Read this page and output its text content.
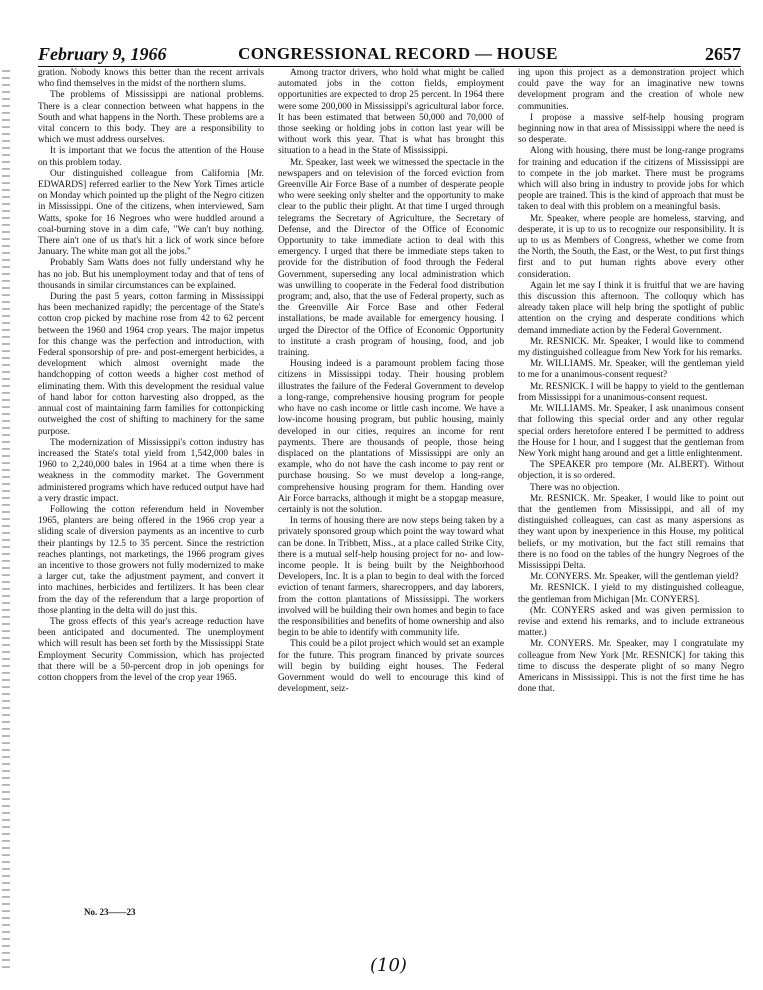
February 9, 1966	CONGRESSIONAL RECORD — HOUSE	2657

gration. Nobody knows this better than the recent arrivals who find themselves in the midst of the northern slums.

The problems of Mississippi are national problems. There is a clear connection between what happens in the South and what happens in the North. These problems are a vital concern to this body. They are a responsibility to which we must address ourselves.

It is important that we focus the attention of the House on this problem today.

Our distinguished colleague from California [Mr. EDWARDS] referred earlier to the New York Times article on Monday which pointed up the plight of the Negro citizen in Mississippi. One of the citizens, when interviewed, Sam Watts, spoke for 16 Negroes who were huddled around a coal-burning stove in a dim cafe, "We can't buy nothing. There ain't one of us that's hit a lick of work since before January. The white man got all the jobs."

Probably Sam Watts does not fully understand why he has no job. But his unemployment today and that of tens of thousands in similar circumstances can be explained.

During the past 5 years, cotton farming in Mississippi has been mechanized rapidly; the percentage of the State's cotton crop picked by machine rose from 42 to 62 percent between the 1960 and 1964 crop years. The major impetus for this change was the perfection and introduction, with Federal sponsorship of pre- and post-emergent herbicides, a development which almost overnight made the handchopping of cotton weeds a higher cost method of eliminating them. With this development the residual value of hand labor for cotton harvesting also dropped, as the annual cost of maintaining farm families for cottonpicking outweighed the cost of shifting to machinery for the same purpose.

The modernization of Mississippi's cotton industry has increased the State's total yield from 1,542,000 bales in 1960 to 2,240,000 bales in 1964 at a time when there is weakness in the commodity market. The Government administered programs which have reduced output have had a very drastic impact.

Following the cotton referendum held in November 1965, planters are being offered in the 1966 crop year a sliding scale of diversion payments as an incentive to curb their plantings by 12.5 to 35 percent. Since the restriction reaches plantings, not marketings, the 1966 program gives an incentive to those growers not fully modernized to make a larger cut, take the adjustment payment, and convert it into machines, herbicides and fertilizers. It has been clear from the day of the referendum that a large proportion of those planting in the delta will do just this.

The gross effects of this year's acreage reduction have been anticipated and documented. The unemployment which will result has been set forth by the Mississippi State Employment Security Commission, which has projected that there will be a 50-percent drop in job openings for cotton choppers from the level of the crop year 1965.

Among tractor drivers, who hold what might be called automated jobs in the cotton fields, employment opportunities are expected to drop 25 percent. In 1964 there were some 200,000 in Mississippi's agricultural labor force. It has been estimated that between 50,000 and 70,000 of those seeking or holding jobs in cotton last year will be without work this year. That is what has brought this situation to a head in the State of Mississippi.

Mr. Speaker, last week we witnessed the spectacle in the newspapers and on television of the forced eviction from Greenville Air Force Base of a number of desperate people who were seeking only shelter and the opportunity to make clear to the public their plight. At that time I urged through telegrams the Secretary of Agriculture, the Secretary of Defense, and the Director of the Office of Economic Opportunity to take immediate action to deal with this emergency. I urged that there be immediate steps taken to provide for the distribution of food through the Federal Government, superseding any local administration which was unwilling to cooperate in the Federal food distribution program; and, also, that the use of Federal property, such as the Greenville Air Force Base and other Federal installations, be made available for emergency housing. I urged the Director of the Office of Economic Opportunity to institute a crash program of housing, food, and job training.

Housing indeed is a paramount problem facing those citizens in Mississippi today. Their housing problem illustrates the failure of the Federal Government to develop a long-range, comprehensive housing program for people who have no cash income or little cash income. We have a low-income housing program, but public housing, mainly developed in our cities, requires an income for rent payments. There are thousands of people, those being displaced on the plantations of Mississippi are only an example, who do not have the cash income to pay rent or purchase housing. So we must develop a long-range, comprehensive housing program for them. Handing over Air Force barracks, although it might be a stopgap measure, certainly is not the solution.

In terms of housing there are now steps being taken by a privately sponsored group which point the way toward what can be done. In Tribbett, Miss., at a place called Strike City, there is a mutual self-help housing project for no- and low-income people. It is being built by the Neighborhood Developers, Inc. It is a plan to begin to deal with the forced eviction of tenant farmers, sharecroppers, and day laborers, from the cotton plantations of Mississippi. The workers involved will be building their own homes and begin to face the responsibilities and benefits of home ownership and also begin to be able to identify with community life.

This could be a pilot project which would set an example for the future. This program financed by private sources will begin by building eight houses. The Federal Government would do well to encourage this kind of development, seiz-

ing upon this project as a demonstration project which could pave the way for an imaginative new towns development program and the creation of whole new communities.

I propose a massive self-help housing program beginning now in that area of Mississippi where the need is so desperate.

Along with housing, there must be long-range programs for training and education if the citizens of Mississippi are to compete in the job market. There must be programs which will also bring in industry to provide jobs for which people are trained. This is the kind of approach that must be taken to deal with this problem on a meaningful basis.

Mr. Speaker, where people are homeless, starving, and desperate, it is up to us to recognize our responsibility. It is up to us as Members of Congress, whether we come from the North, the South, the East, or the West, to put first things first and to put human rights above every other consideration.

Again let me say I think it is fruitful that we are having this discussion this afternoon. The colloquy which has already taken place will help bring the spotlight of public attention on the crying and desperate conditions which demand immediate action by the Federal Government.

Mr. RESNICK. Mr. Speaker, I would like to commend my distinguished colleague from New York for his remarks.

Mr. WILLIAMS. Mr. Speaker, will the gentleman yield to me for a unanimous-consent request?

Mr. RESNICK. I will be happy to yield to the gentleman from Mississippi for a unanimous-consent request.

Mr. WILLIAMS. Mr. Speaker, I ask unanimous consent that following this special order and any other regular special orders heretofore entered I be permitted to address the House for 1 hour, and I suggest that the gentleman from New York might hang around and get a little enlightenment.

The SPEAKER pro tempore (Mr. ALBERT). Without objection, it is so ordered.

There was no objection.

Mr. RESNICK. Mr. Speaker, I would like to point out that the gentlemen from Mississippi, and all of my distinguished colleagues, can cast as many aspersions as they want upon by inexperience in this House, my political beliefs, or my motivation, but the fact still remains that there is no food on the tables of the hungry Negroes of the Mississippi Delta.

Mr. CONYERS. Mr. Speaker, will the gentleman yield?

Mr. RESNICK. I yield to my distinguished colleague, the gentleman from Michigan [Mr. CONYERS].

(Mr. CONYERS asked and was given permission to revise and extend his remarks, and to include extraneous matter.)

Mr. CONYERS. Mr. Speaker, may I congratulate my colleague from New York [Mr. RESNICK] for taking this time to discuss the desperate plight of so many Negro Americans in Mississippi. This is not the first time he has done that.

No. 23——23
(10)
